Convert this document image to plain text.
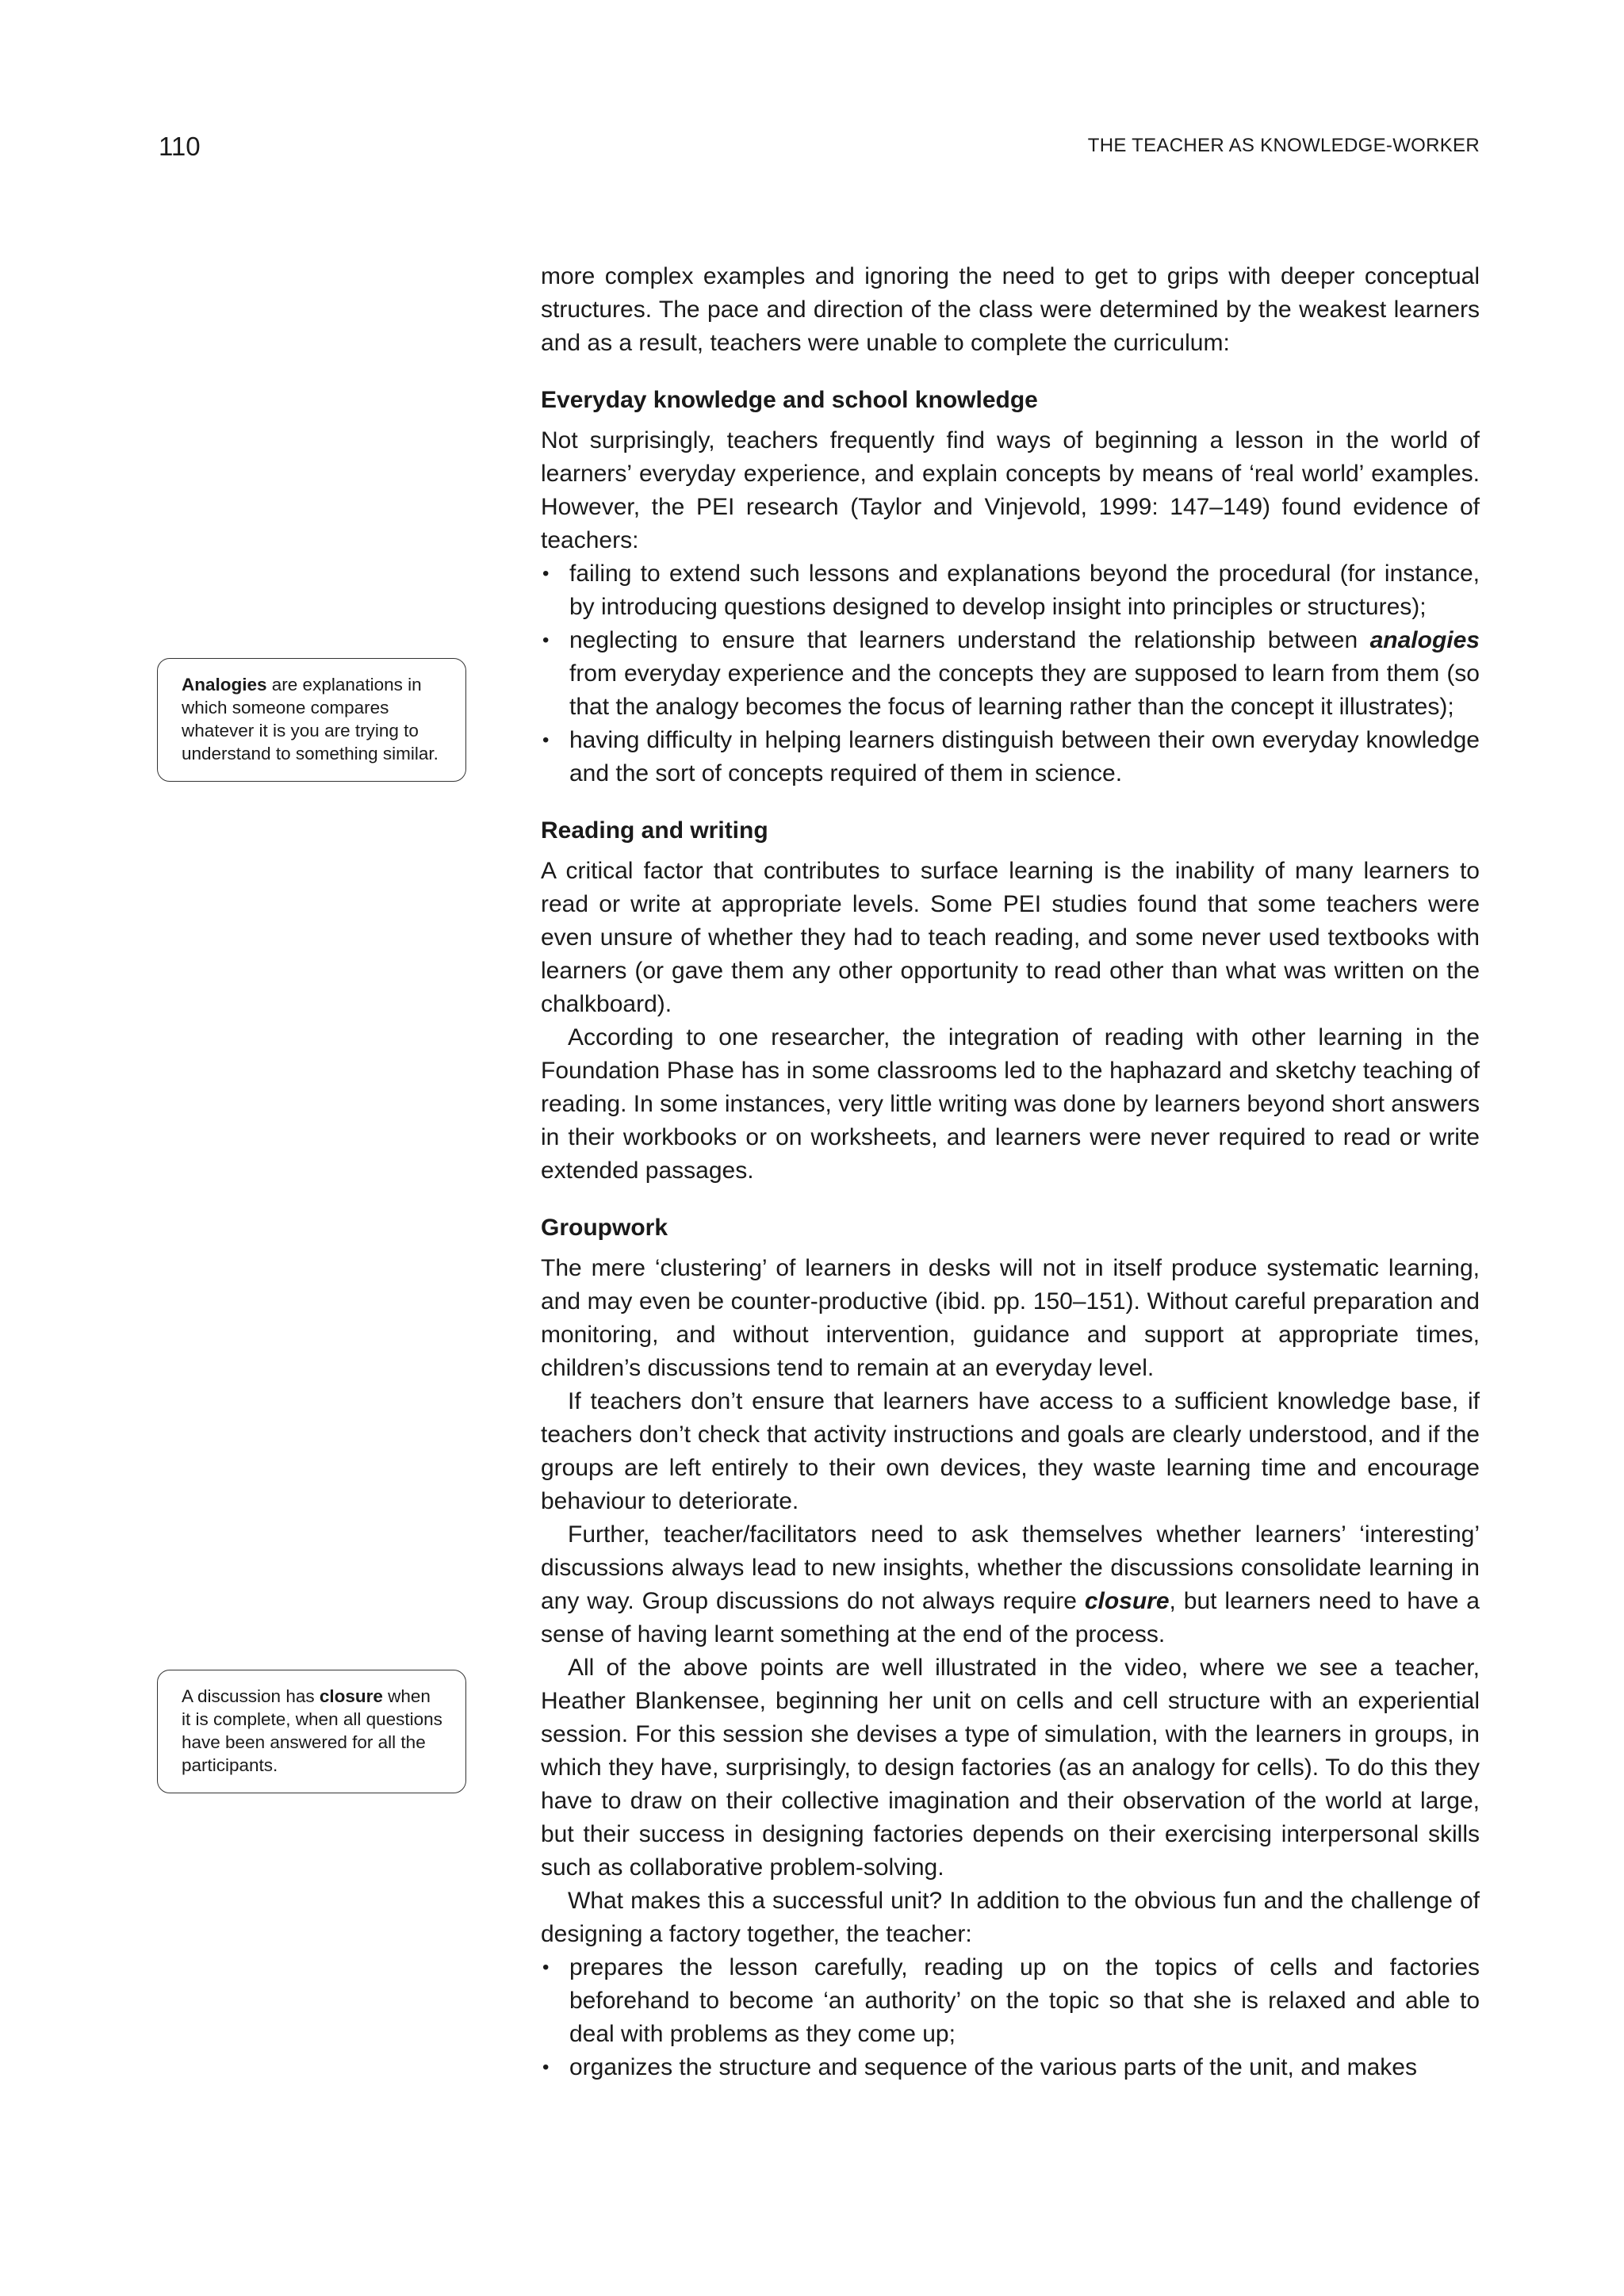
110	THE TEACHER AS KNOWLEDGE-WORKER
Analogies are explanations in which someone compares whatever it is you are trying to understand to something similar.
A discussion has closure when it is complete, when all questions have been answered for all the participants.

more complex examples and ignoring the need to get to grips with deeper conceptual structures. The pace and direction of the class were determined by the weakest learners and as a result, teachers were unable to complete the curriculum:

Everyday knowledge and school knowledge

Not surprisingly, teachers frequently find ways of beginning a lesson in the world of learners’ everyday experience, and explain concepts by means of ‘real world’ examples. However, the PEI research (Taylor and Vinjevold, 1999: 147–149) found evidence of teachers:

• failing to extend such lessons and explanations beyond the procedural (for instance, by introducing questions designed to develop insight into principles or structures);
• neglecting to ensure that learners understand the relationship between analogies from everyday experience and the concepts they are supposed to learn from them (so that the analogy becomes the focus of learning rather than the concept it illustrates);
• having difficulty in helping learners distinguish between their own everyday knowledge and the sort of concepts required of them in science.
Reading and writing

A critical factor that contributes to surface learning is the inability of many learners to read or write at appropriate levels. Some PEI studies found that some teachers were even unsure of whether they had to teach reading, and some never used textbooks with learners (or gave them any other opportunity to read other than what was written on the chalkboard).

According to one researcher, the integration of reading with other learning in the Foundation Phase has in some classrooms led to the haphazard and sketchy teaching of reading. In some instances, very little writing was done by learners beyond short answers in their workbooks or on worksheets, and learners were never required to read or write extended passages.

Groupwork

The mere ‘clustering’ of learners in desks will not in itself produce systematic learning, and may even be counter-productive (ibid. pp. 150–151). Without careful preparation and monitoring, and without intervention, guidance and support at appropriate times, children’s discussions tend to remain at an everyday level.

If teachers don’t ensure that learners have access to a sufficient knowledge base, if teachers don’t check that activity instructions and goals are clearly understood, and if the groups are left entirely to their own devices, they waste learning time and encourage behaviour to deteriorate.

Further, teacher/facilitators need to ask themselves whether learners’ ‘interesting’ discussions always lead to new insights, whether the discussions consolidate learning in any way. Group discussions do not always require closure, but learners need to have a sense of having learnt something at the end of the process.

All of the above points are well illustrated in the video, where we see a teacher, Heather Blankensee, beginning her unit on cells and cell structure with an experiential session. For this session she devises a type of simulation, with the learners in groups, in which they have, surprisingly, to design factories (as an analogy for cells). To do this they have to draw on their collective imagination and their observation of the world at large, but their success in designing factories depends on their exercising interpersonal skills such as collaborative problem-solving.

What makes this a successful unit? In addition to the obvious fun and the challenge of designing a factory together, the teacher:

• prepares the lesson carefully, reading up on the topics of cells and factories beforehand to become ‘an authority’ on the topic so that she is relaxed and able to deal with problems as they come up;
• organizes the structure and sequence of the various parts of the unit, and makes
